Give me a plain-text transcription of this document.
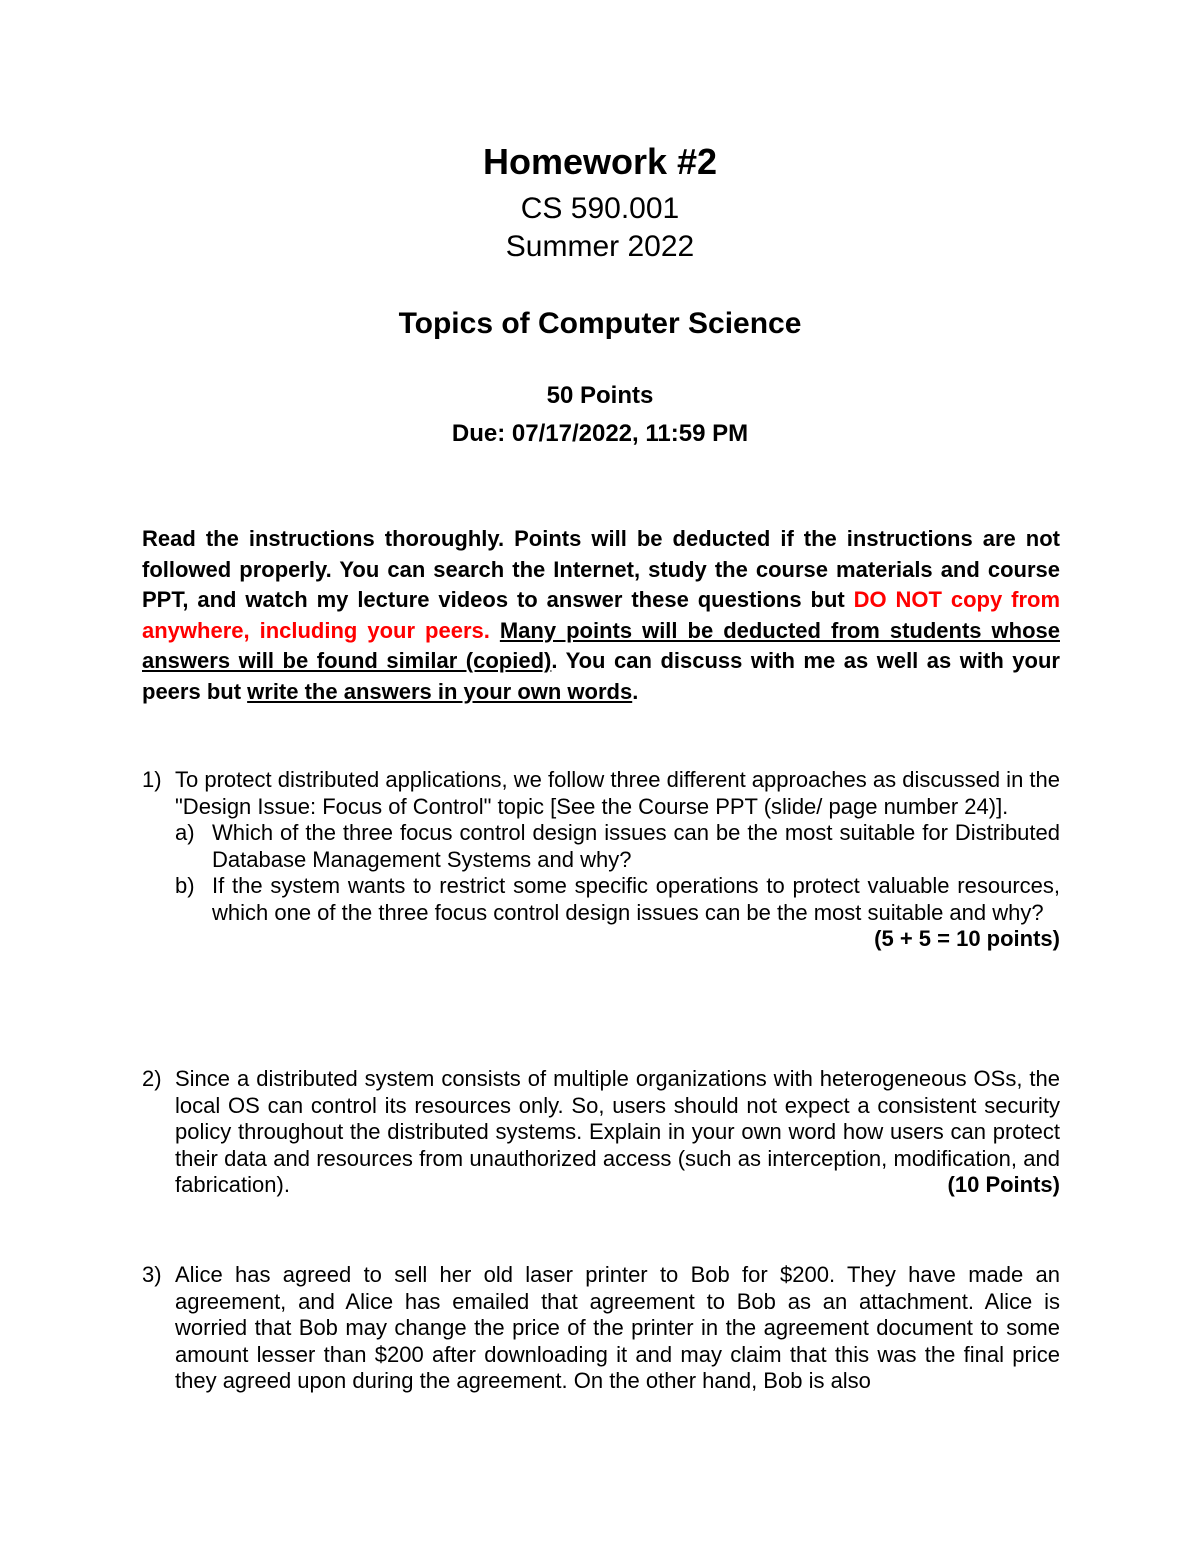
Homework #2
CS 590.001
Summer 2022
Topics of Computer Science
50 Points
Due: 07/17/2022, 11:59 PM
Read the instructions thoroughly. Points will be deducted if the instructions are not followed properly. You can search the Internet, study the course materials and course PPT, and watch my lecture videos to answer these questions but DO NOT copy from anywhere, including your peers. Many points will be deducted from students whose answers will be found similar (copied). You can discuss with me as well as with your peers but write the answers in your own words.
1) To protect distributed applications, we follow three different approaches as discussed in the "Design Issue: Focus of Control" topic [See the Course PPT (slide/ page number 24)].
a) Which of the three focus control design issues can be the most suitable for Distributed Database Management Systems and why?
b) If the system wants to restrict some specific operations to protect valuable resources, which one of the three focus control design issues can be the most suitable and why?
(5 + 5 = 10 points)
2) Since a distributed system consists of multiple organizations with heterogeneous OSs, the local OS can control its resources only. So, users should not expect a consistent security policy throughout the distributed systems. Explain in your own word how users can protect their data and resources from unauthorized access (such as interception, modification, and fabrication).	(10 Points)
3) Alice has agreed to sell her old laser printer to Bob for $200. They have made an agreement, and Alice has emailed that agreement to Bob as an attachment. Alice is worried that Bob may change the price of the printer in the agreement document to some amount lesser than $200 after downloading it and may claim that this was the final price they agreed upon during the agreement. On the other hand, Bob is also
